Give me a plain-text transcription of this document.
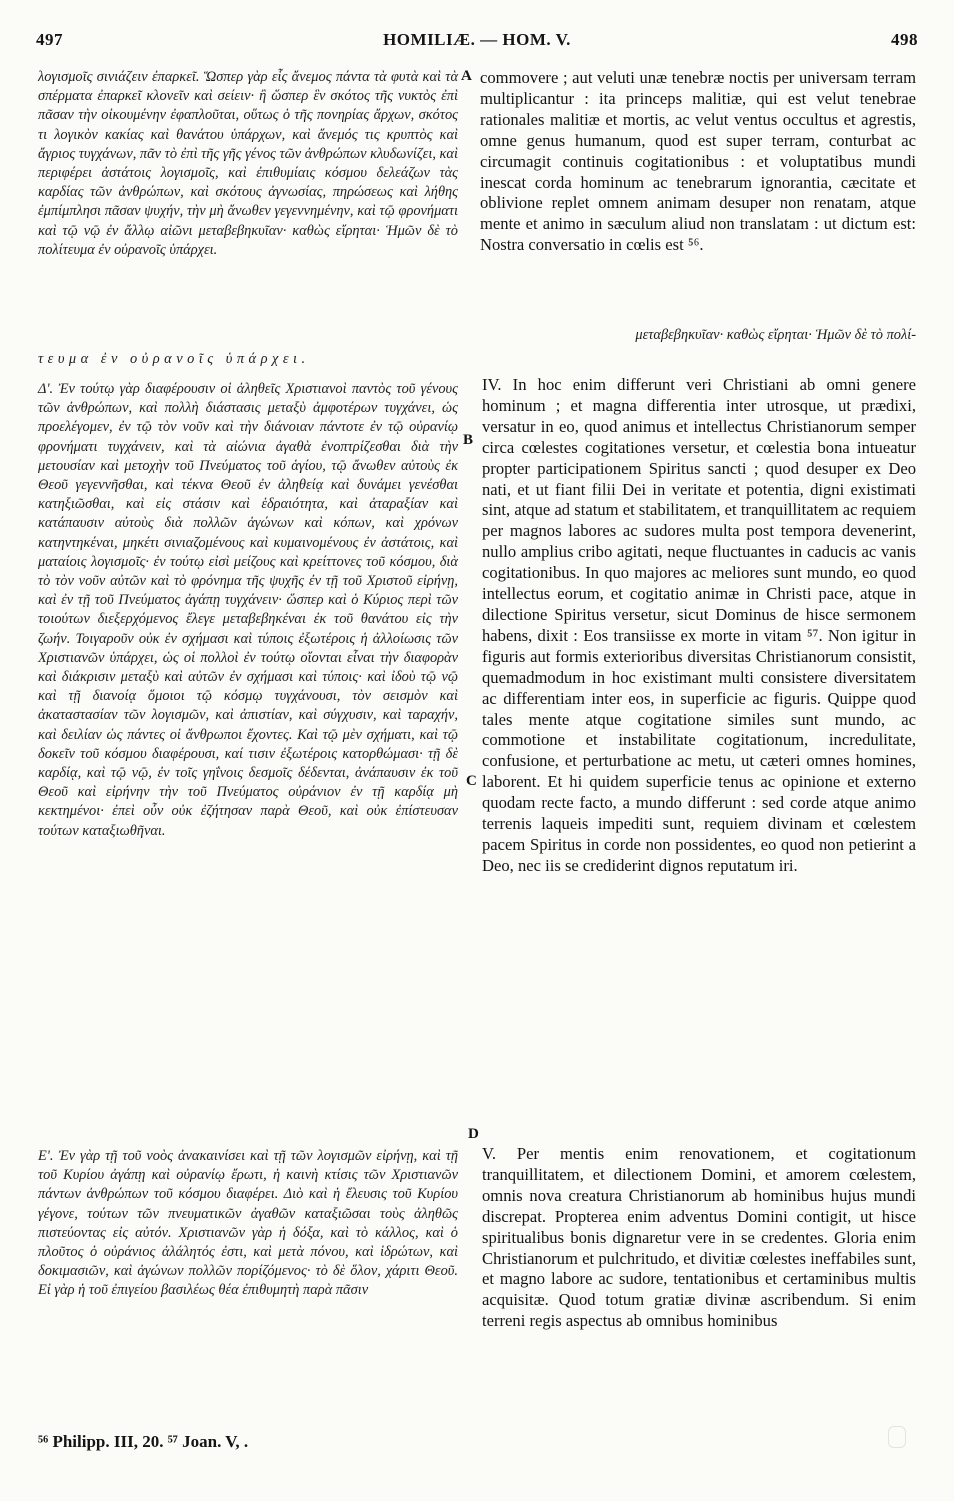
497	HOMILIÆ. — HOM. V.	498

λογισμοῖς σινιάζειν ἐπαρκεῖ. Ὥσπερ γὰρ εἷς ἄνεμος πάντα τὰ φυτὰ καὶ τὰ σπέρματα ἐπαρκεῖ κλονεῖν καὶ σείειν· ἢ ὥσπερ ἓν σκότος τῆς νυκτὸς ἐπὶ πᾶσαν τὴν οἰκουμένην ἐφαπλοῦται, οὕτως ὁ τῆς πονηρίας ἄρχων, σκότος τι λογικὸν κακίας καὶ θανάτου ὑπάρχων, καὶ ἄνεμός τις κρυπτὸς καὶ ἄγριος τυγχάνων, πᾶν τὸ ἐπὶ τῆς γῆς γένος τῶν ἀνθρώπων κλυδωνίζει, καὶ περιφέρει ἀστάτοις λογισμοῖς, καὶ ἐπιθυμίαις κόσμου δελεάζων τὰς καρδίας τῶν ἀνθρώπων, καὶ σκότους ἀγνωσίας, πηρώσεως καὶ λήθης ἐμπίμπλησι πᾶσαν ψυχήν, τὴν μὴ ἄνωθεν γεγεννημένην, καὶ τῷ φρονήματι καὶ τῷ νῷ ἐν ἄλλῳ αἰῶνι μεταβεβηκυῖαν· καθὼς εἴρηται· Ἡμῶν δὲ τὸ πολίτευμα ἐν οὐρανοῖς ὑπάρχει.

τευμα ἐν οὐρανοῖς ὑπάρχει.

Δ'. Ἐν τούτῳ γὰρ διαφέρουσιν οἱ ἀληθεῖς Χριστιανοὶ παντὸς τοῦ γένους τῶν ἀνθρώπων, καὶ πολλὴ διάστασις μεταξὺ ἀμφοτέρων τυγχάνει, ὡς προελέγομεν, ἐν τῷ τὸν νοῦν καὶ τὴν διάνοιαν πάντοτε ἐν τῷ οὐρανίῳ φρονήματι τυγχάνειν, καὶ τὰ αἰώνια ἀγαθὰ ἐνοπτρίζεσθαι διὰ τὴν μετουσίαν καὶ μετοχὴν τοῦ Πνεύματος τοῦ ἁγίου, τῷ ἄνωθεν αὐτοὺς ἐκ Θεοῦ γεγεννῆσθαι, καὶ τέκνα Θεοῦ ἐν ἀληθείᾳ καὶ δυνάμει γενέσθαι κατηξιῶσθαι, καὶ εἰς στάσιν καὶ ἑδραιότητα, καὶ ἀταραξίαν καὶ κατάπαυσιν αὐτοὺς διὰ πολλῶν ἀγώνων καὶ κόπων, καὶ χρόνων κατηντηκέναι, μηκέτι σινιαζομένους καὶ κυμαινομένους ἐν ἀστάτοις, καὶ ματαίοις λογισμοῖς· ἐν τούτῳ εἰσὶ μείζους καὶ κρείττονες τοῦ κόσμου, διὰ τὸ τὸν νοῦν αὐτῶν καὶ τὸ φρόνημα τῆς ψυχῆς ἐν τῇ τοῦ Χριστοῦ εἰρήνῃ, καὶ ἐν τῇ τοῦ Πνεύματος ἀγάπῃ τυγχάνειν· ὥσπερ καὶ ὁ Κύριος περὶ τῶν τοιούτων διεξερχόμενος ἔλεγε μεταβεβηκέναι ἐκ τοῦ θανάτου εἰς τὴν ζωήν. Τοιγαροῦν οὐκ ἐν σχήμασι καὶ τύποις ἐξωτέροις ἡ ἀλλοίωσις τῶν Χριστιανῶν ὑπάρχει, ὡς οἱ πολλοὶ ἐν τούτῳ οἴονται εἶναι τὴν διαφορὰν καὶ διάκρισιν μεταξὺ καὶ αὐτῶν ἐν σχήμασι καὶ τύποις· καὶ ἰδοὺ τῷ νῷ καὶ τῇ διανοίᾳ ὅμοιοι τῷ κόσμῳ τυγχάνουσι, τὸν σεισμὸν καὶ ἀκαταστασίαν τῶν λογισμῶν, καὶ ἀπιστίαν, καὶ σύγχυσιν, καὶ ταραχήν, καὶ δειλίαν ὡς πάντες οἱ ἄνθρωποι ἔχοντες. Καὶ τῷ μὲν σχήματι, καὶ τῷ δοκεῖν τοῦ κόσμου διαφέρουσι, καί τισιν ἐξωτέροις κατορθώμασι· τῇ δὲ καρδίᾳ, καὶ τῷ νῷ, ἐν τοῖς γηΐνοις δεσμοῖς δέδενται, ἀνάπαυσιν ἐκ τοῦ Θεοῦ καὶ εἰρήνην τὴν τοῦ Πνεύματος οὐράνιον ἐν τῇ καρδίᾳ μὴ κεκτημένοι· ἐπεὶ οὖν οὐκ ἐζήτησαν παρὰ Θεοῦ, καὶ οὐκ ἐπίστευσαν τούτων καταξιωθῆναι.

Ε'. Ἐν γὰρ τῇ τοῦ νοὸς ἀνακαινίσει καὶ τῇ τῶν λογισμῶν εἰρήνῃ, καὶ τῇ τοῦ Κυρίου ἀγάπῃ καὶ οὐρανίῳ ἔρωτι, ἡ καινὴ κτίσις τῶν Χριστιανῶν πάντων ἀνθρώπων τοῦ κόσμου διαφέρει. Διὸ καὶ ἡ ἔλευσις τοῦ Κυρίου γέγονε, τούτων τῶν πνευματικῶν ἀγαθῶν καταξιῶσαι τοὺς ἀληθῶς πιστεύοντας εἰς αὐτόν. Χριστιανῶν γὰρ ἡ δόξα, καὶ τὸ κάλλος, καὶ ὁ πλοῦτος ὁ οὐράνιος ἀλάλητός ἐστι, καὶ μετὰ πόνου, καὶ ἱδρώτων, καὶ δοκιμασιῶν, καὶ ἀγώνων πολλῶν πορίζόμενος· τὸ δὲ ὅλον, χάριτι Θεοῦ. Εἰ γὰρ ἡ τοῦ ἐπιγείου βασιλέως θέα ἐπιθυμητὴ παρὰ πᾶσιν

commovere ; aut veluti unæ tenebræ noctis per universam terram multiplicantur : ita princeps malitiæ, qui est velut tenebrae rationales malitiæ et mortis, ac velut ventus occultus et agrestis, omne genus humanum, quod est super terram, conturbat ac circumagit continuis cogitationibus : et voluptatibus mundi inescat corda hominum ac tenebrarum ignorantia, cæcitate et oblivione replet omnem animam desuper non renatam, atque mente et animo in sæculum aliud non translatam : ut dictum est: Nostra conversatio in cœlis est ⁵⁶.

μεταβεβηκυῖαν· καθὼς εἴρηται· Ἡμῶν δὲ τὸ πολί-

IV. In hoc enim differunt veri Christiani ab omni genere hominum ; et magna differentia inter utrosque, ut prædixi, versatur in eo, quod animus et intellectus Christianorum semper circa cœlestes cogitationes versetur, et cœlestia bona intueatur propter participationem Spiritus sancti ; quod desuper ex Deo nati, et ut fiant filii Dei in veritate et potentia, digni existimati sint, atque ad statum et stabilitatem, et tranquillitatem ac requiem per magnos labores ac sudores multa post tempora devenerint, nullo amplius cribo agitati, neque fluctuantes in caducis ac vanis cogitationibus. In quo majores ac meliores sunt mundo, eo quod intellectus eorum, et cogitatio animæ in Christi pace, atque in dilectione Spiritus versetur, sicut Dominus de hisce sermonem habens, dixit : Eos transiisse ex morte in vitam ⁵⁷. Non igitur in figuris aut formis exterioribus diversitas Christianorum consistit, quemadmodum in hoc existimant multi consistere diversitatem ac differentiam inter eos, in superficie ac figuris. Quippe quod tales mente atque cogitatione similes sunt mundo, ac commotione et instabilitate cogitationum, incredulitate, confusione, et perturbatione ac metu, ut cæteri omnes homines, laborent. Et hi quidem superficie tenus ac opinione et externo quodam recte facto, a mundo differunt : sed corde atque animo terrenis laqueis impediti sunt, requiem divinam et cœlestem pacem Spiritus in corde non possidentes, eo quod non petierint a Deo, nec iis se crediderint dignos reputatum iri.

V. Per mentis enim renovationem, et cogitationum tranquillitatem, et dilectionem Domini, et amorem cœlestem, omnis nova creatura Christianorum ab hominibus hujus mundi discrepat. Propterea enim adventus Domini contigit, ut hisce spiritualibus bonis dignaretur vere in se credentes. Gloria enim Christianorum et pulchritudo, et divitiæ cœlestes ineffabiles sunt, et magno labore ac sudore, tentationibus et certaminibus multis acquisitæ. Quod totum gratiæ divinæ ascribendum. Si enim terreni regis aspectus ab omnibus hominibus

A
B
C
D
⁵⁶ Philipp. III, 20. ⁵⁷ Joan. V, .
